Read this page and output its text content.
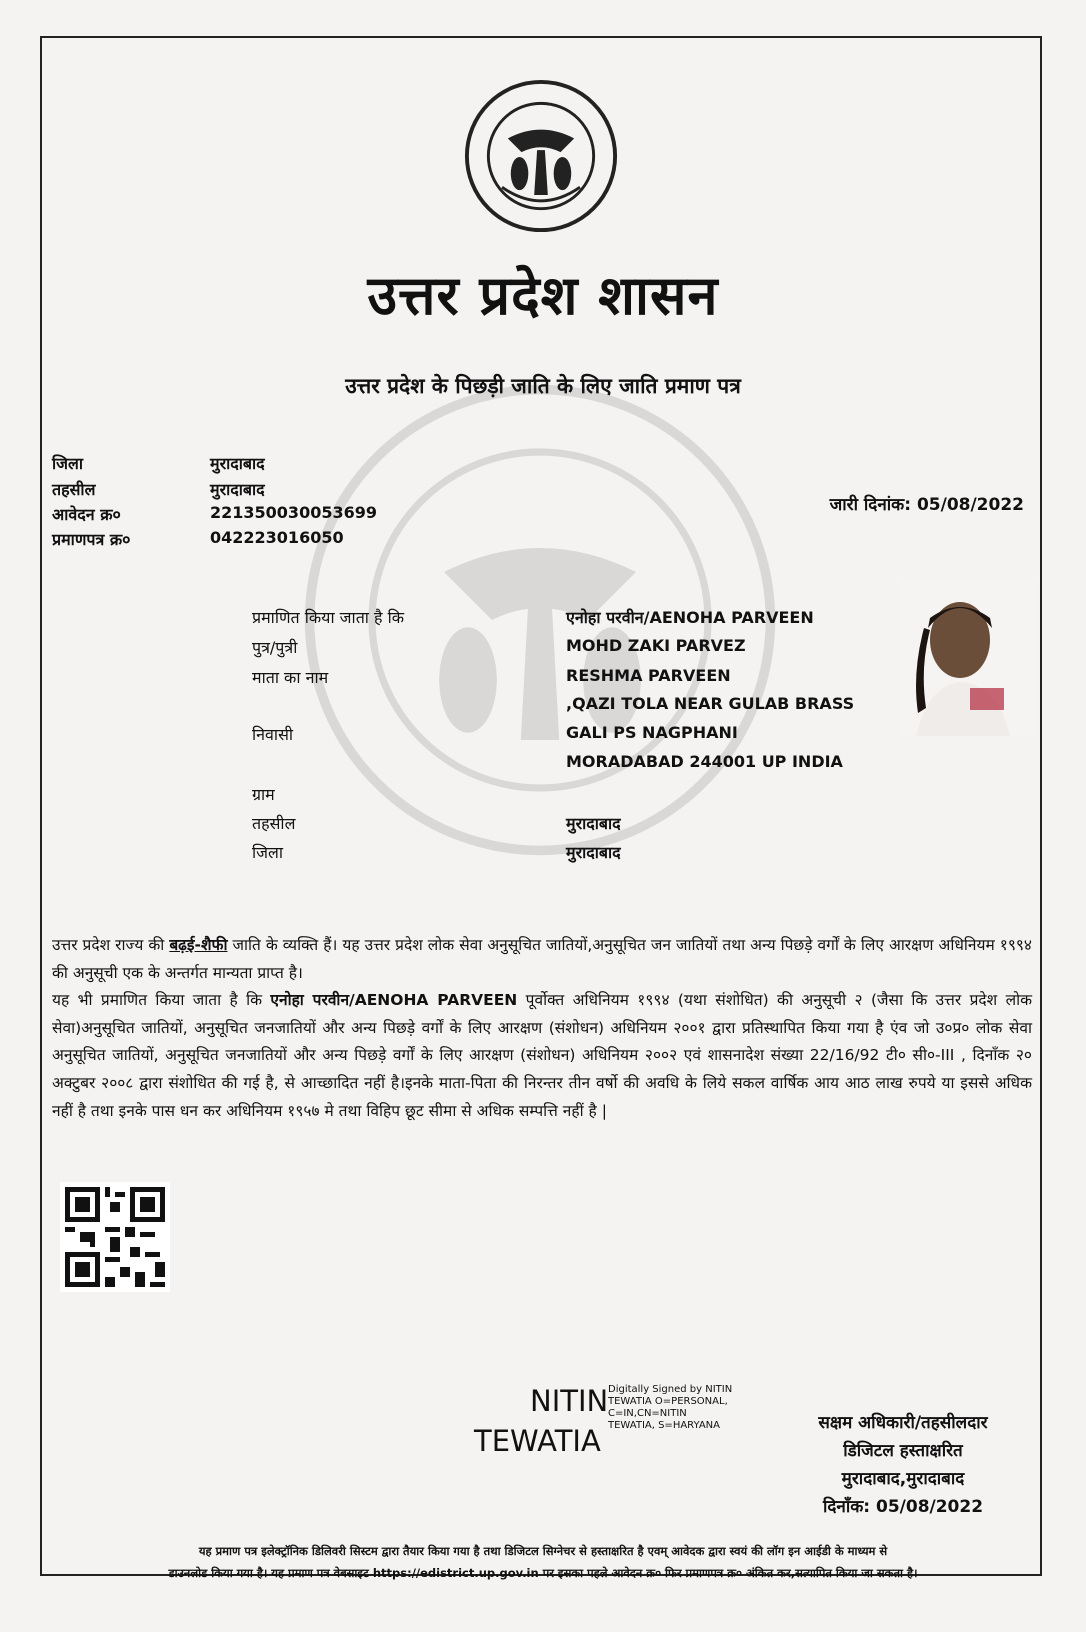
उत्तर प्रदेश शासन
उत्तर प्रदेश के पिछड़ी जाति के लिए जाति प्रमाण पत्र
जिला	मुरादाबाद
तहसील	मुरादाबाद
आवेदन क्र०	221350030053699
प्रमाणपत्र क्र०	042223016050
जारी दिनांक: 05/08/2022
प्रमाणित किया जाता है कि	एनोहा परवीन/AENOHA PARVEEN
पुत्र/पुत्री	MOHD ZAKI PARVEZ
माता का नाम	RESHMA PARVEEN
,QAZI TOLA NEAR GULAB BRASS
निवासी	GALI PS NAGPHANI
MORADABAD 244001 UP INDIA
ग्राम
तहसील	मुरादाबाद
जिला	मुरादाबाद
उत्तर प्रदेश राज्य की बढ़ई-शैफी जाति के व्यक्ति हैं। यह उत्तर प्रदेश लोक सेवा अनुसूचित जातियों,अनुसूचित जन जातियों तथा अन्य पिछड़े वर्गों के लिए आरक्षण अधिनियम १९९४ की अनुसूची एक के अन्तर्गत मान्यता प्राप्त है।
यह भी प्रमाणित किया जाता है कि एनोहा परवीन/AENOHA PARVEEN पूर्वोक्त अधिनियम १९९४ (यथा संशोधित) की अनुसूची २ (जैसा कि उत्तर प्रदेश लोक सेवा)अनुसूचित जातियों, अनुसूचित जनजातियों और अन्य पिछड़े वर्गों के लिए आरक्षण (संशोधन) अधिनियम २००१ द्वारा प्रतिस्थापित किया गया है एंव जो उ०प्र० लोक सेवा अनुसूचित जातियों, अनुसूचित जनजातियों और अन्य पिछड़े वर्गों के लिए आरक्षण (संशोधन) अधिनियम २००२ एवं शासनादेश संख्या 22/16/92 टी० सी०-III , दिनाँक २० अक्टुबर २००८ द्वारा संशोधित की गई है, से आच्छादित नहीं है।इनके माता-पिता की निरन्तर तीन वर्षो की अवधि के लिये सकल वार्षिक आय आठ लाख रुपये या इससे अधिक नहीं है तथा इनके पास धन कर अधिनियम १९५७ मे तथा विहिप छूट सीमा से अधिक सम्पत्ति नहीं है |
NITIN
TEWATIA
Digitally Signed by NITIN
TEWATIA O=PERSONAL,
C=IN,CN=NITIN
TEWATIA, S=HARYANA	सक्षम अधिकारी/तहसीलदार
डिजिटल हस्ताक्षरित
मुरादाबाद,मुरादाबाद
दिनाँक: 05/08/2022
यह प्रमाण पत्र इलेक्ट्रॉनिक डिलिवरी सिस्टम द्वारा तैयार किया गया है तथा डिजिटल सिग्नेचर से हस्ताक्षरित है एवम् आवेदक द्वारा स्वयं की लॉग इन आईडी के माध्यम से
डाउनलोड किया गया है। यह प्रमाण पत्र वेबसाइट https://edistrict.up.gov.in पर इसका पहले आवेदन क्र० फिर प्रमाणपत्र क्र० अंकित कर,सत्यापित किया जा सकता है।
